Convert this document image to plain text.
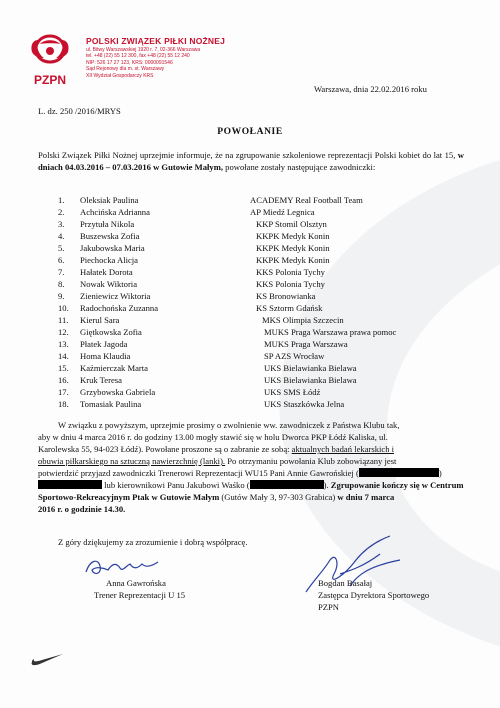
PZPN
POLSKI ZWIĄZEK PIŁKI NOŻNEJ
ul. Bitwy Warszawskiej 1920 r. 7, 02-366 Warszawa
tel. +48 (22) 55 12 300, fax +48 (22) 55 12 240
NIP: 526 17 27 123, KRS: 0000091546
Sąd Rejonowy dla m. st. Warszawy
XII Wydział Gospodarczy KRS
Warszawa, dnia 22.02.2016 roku
L. dz. 250 /2016/MRYS
POWOŁANIE
Polski Związek Piłki Nożnej uprzejmie informuje, że na zgrupowanie szkoleniowe reprezentacji Polski kobiet do lat 15, w dniach 04.03.2016 – 07.03.2016 w Gutowie Małym, powołane zostały następujące zawodniczki:
1. Oleksiak Paulina	ACADEMY Real Football Team
2. Achcińska Adrianna	AP Miedź Legnica
3. Przytuła Nikola	KKP Stomil Olsztyn
4. Buszewska Zofia	KKPK Medyk Konin
5. Jakubowska Maria	KKPK Medyk Konin
6. Piechocka Alicja	KKPK Medyk Konin
7. Hałatek Dorota	KKS Polonia Tychy
8. Nowak Wiktoria	KKS Polonia Tychy
9. Zieniewicz Wiktoria	KS Bronowianka
10. Radochońska Zuzanna	KS Sztorm Gdańsk
11. Kierul Sara	MKS Olimpia Szczecin
12. Giętkowska Zofia	MUKS Praga Warszawa prawa pomoc
13. Płatek Jagoda	MUKS Praga Warszawa
14. Homa Klaudia	SP AZS Wrocław
15. Kaźmierczak Marta	UKS Bielawianka Bielawa
16. Kruk Teresa	UKS Bielawianka Bielawa
17. Grzybowska Gabriela	UKS SMS Łódź
18. Tomasiak Paulina	UKS Staszkówka Jelna
W związku z powyższym, uprzejmie prosimy o zwolnienie ww. zawodniczek z Państwa Klubu tak,
aby w dniu 4 marca 2016 r. do godziny 13.00 mogły stawić się w holu Dworca PKP Łódź Kaliska, ul.
Karolewska 55, 94-023 Łódź). Powołane proszone są o zabranie ze sobą: aktualnych badań lekarskich i
obuwia piłkarskiego na sztuczną nawierzchnię (lanki). Po otrzymaniu powołania Klub zobowiązany jest
potwierdzić przyjazd zawodniczki Trenerowi Reprezentacji WU15 Pani Annie Gawrońskiej (	)
lub kierownikowi Panu Jakubowi Waśko (	). Zgrupowanie kończy się w Centrum
Sportowo-Rekreacyjnym Ptak w Gutowie Małym (Gutów Mały 3, 97-303 Grabica) w dniu 7 marca
2016 r. o godzinie 14.30.
Z góry dziękujemy za zrozumienie i dobrą współpracę.
Anna Gawrońska
Trener Reprezentacji U 15
Bogdan Basałaj
Zastępca Dyrektora Sportowego
PZPN
